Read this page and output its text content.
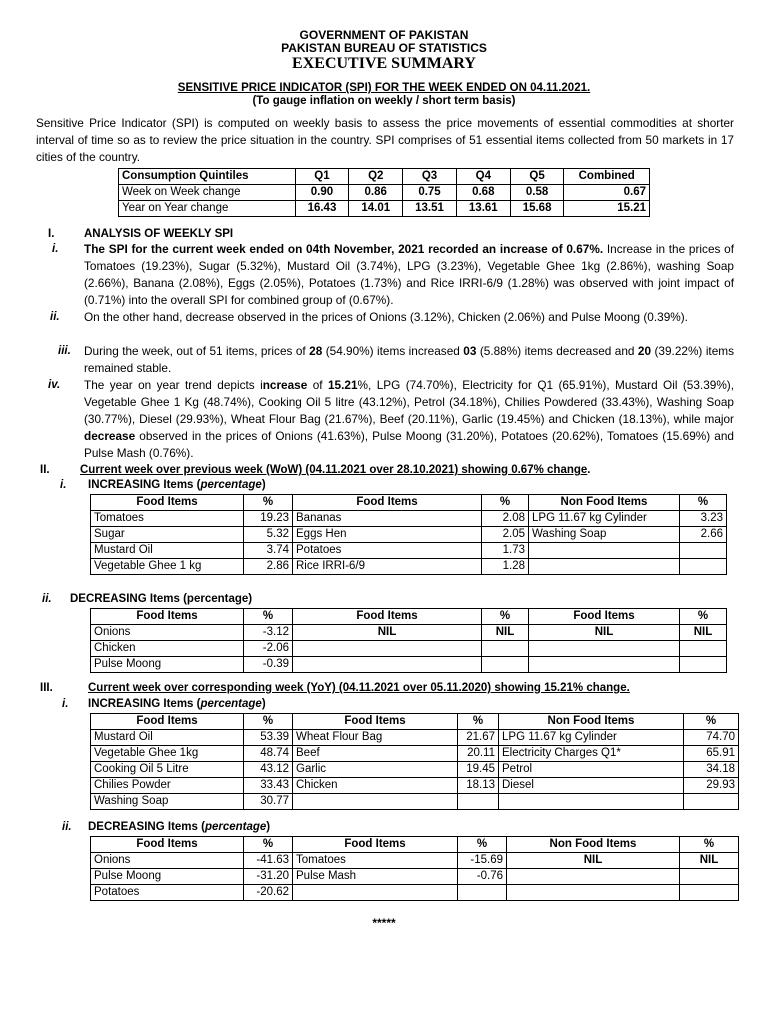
GOVERNMENT OF PAKISTAN
PAKISTAN BUREAU OF STATISTICS
EXECUTIVE SUMMARY
SENSITIVE PRICE INDICATOR (SPI) FOR THE WEEK ENDED ON 04.11.2021.
(To gauge inflation on weekly / short term basis)
Sensitive Price Indicator (SPI) is computed on weekly basis to assess the price movements of essential commodities at shorter interval of time so as to review the price situation in the country. SPI comprises of 51 essential items collected from 50 markets in 17 cities of the country.
Consumption Quintiles	Q1	Q2	Q3	Q4	Q5	Combined
Week on Week change	0.90	0.86	0.75	0.68	0.58	0.67
Year on Year change	16.43	14.01	13.51	13.61	15.68	15.21
I.	ANALYSIS OF WEEKLY SPI
i. The SPI for the current week ended on 04th November, 2021 recorded an increase of 0.67%. Increase in the prices of Tomatoes (19.23%), Sugar (5.32%), Mustard Oil (3.74%), LPG (3.23%), Vegetable Ghee 1kg (2.86%), washing Soap (2.66%), Banana (2.08%), Eggs (2.05%), Potatoes (1.73%) and Rice IRRI-6/9 (1.28%) was observed with joint impact of (0.71%) into the overall SPI for combined group of (0.67%).
ii. On the other hand, decrease observed in the prices of Onions (3.12%), Chicken (2.06%) and Pulse Moong (0.39%).
iii. During the week, out of 51 items, prices of 28 (54.90%) items increased 03 (5.88%) items decreased and 20 (39.22%) items remained stable.
iv. The year on year trend depicts increase of 15.21%, LPG (74.70%), Electricity for Q1 (65.91%), Mustard Oil (53.39%), Vegetable Ghee 1 Kg (48.74%), Cooking Oil 5 litre (43.12%), Petrol (34.18%), Chilies Powdered (33.43%), Washing Soap (30.77%), Diesel (29.93%), Wheat Flour Bag (21.67%), Beef (20.11%), Garlic (19.45%) and Chicken (18.13%), while major decrease observed in the prices of Onions (41.63%), Pulse Moong (31.20%), Potatoes (20.62%), Tomatoes (15.69%) and Pulse Mash (0.76%).
II.	Current week over previous week (WoW) (04.11.2021 over 28.10.2021) showing 0.67% change.
i. INCREASING Items (percentage)
Food Items	%	Food Items	%	Non Food Items	%
Tomatoes	19.23	Bananas	2.08	LPG 11.67 kg Cylinder	3.23
Sugar	5.32	Eggs Hen	2.05	Washing Soap	2.66
Mustard Oil	3.74	Potatoes	1.73		
Vegetable Ghee 1 kg	2.86	Rice IRRI-6/9	1.28		
ii. DECREASING Items (percentage)
Food Items	%	Food Items	%	Food Items	%
Onions	-3.12	NIL	NIL	NIL	NIL
Chicken	-2.06				
Pulse Moong	-0.39				
III.	Current week over corresponding week (YoY) (04.11.2021 over 05.11.2020) showing 15.21% change.
i. INCREASING Items (percentage)
Food Items	%	Food Items	%	Non Food Items	%
Mustard Oil	53.39	Wheat Flour Bag	21.67	LPG 11.67 kg Cylinder	74.70
Vegetable Ghee 1kg	48.74	Beef	20.11	Electricity Charges Q1*	65.91
Cooking Oil 5 Litre	43.12	Garlic	19.45	Petrol	34.18
Chilies Powder	33.43	Chicken	18.13	Diesel	29.93
Washing Soap	30.77				
ii. DECREASING Items (percentage)
Food Items	%	Food Items	%	Non Food Items	%
Onions	-41.63	Tomatoes	-15.69	NIL	NIL
Pulse Moong	-31.20	Pulse Mash	-0.76		
Potatoes	-20.62				
*****
